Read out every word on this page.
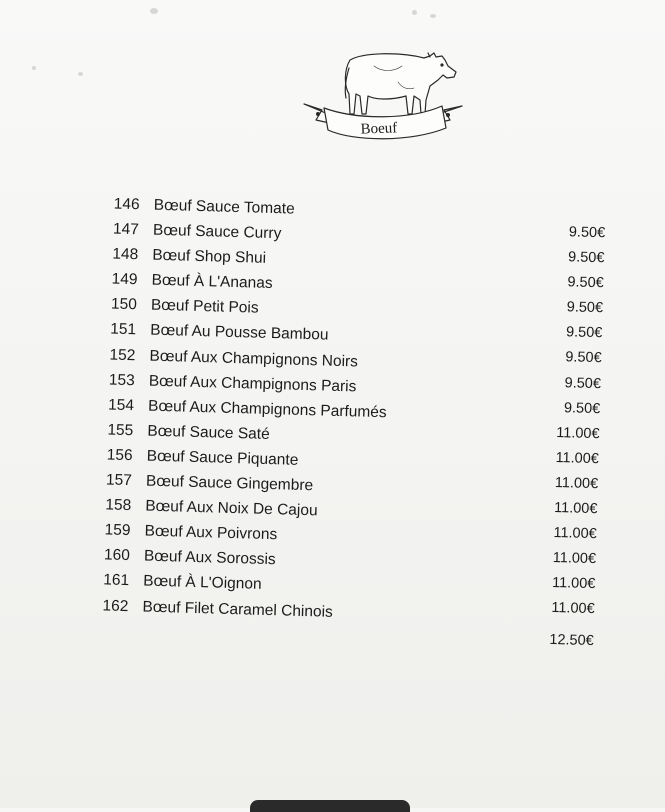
Boeuf
146 Bœuf Sauce Tomate
9.50€
147 Bœuf Sauce Curry
9.50€
148 Bœuf Shop Shui
9.50€
149 Bœuf À L'Ananas
9.50€
150 Bœuf Petit Pois
9.50€
151 Bœuf Au Pousse Bambou
9.50€
152 Bœuf Aux Champignons Noirs
9.50€
153 Bœuf Aux Champignons Paris
9.50€
154 Bœuf Aux Champignons Parfumés
11.00€
155 Bœuf Sauce Saté
11.00€
156 Bœuf Sauce Piquante
11.00€
157 Bœuf Sauce Gingembre
11.00€
158 Bœuf Aux Noix De Cajou
11.00€
159 Bœuf Aux Poivrons
11.00€
160 Bœuf Aux Sorossis
11.00€
161 Bœuf À L'Oignon
11.00€
162 Bœuf Filet Caramel Chinois
12.50€
